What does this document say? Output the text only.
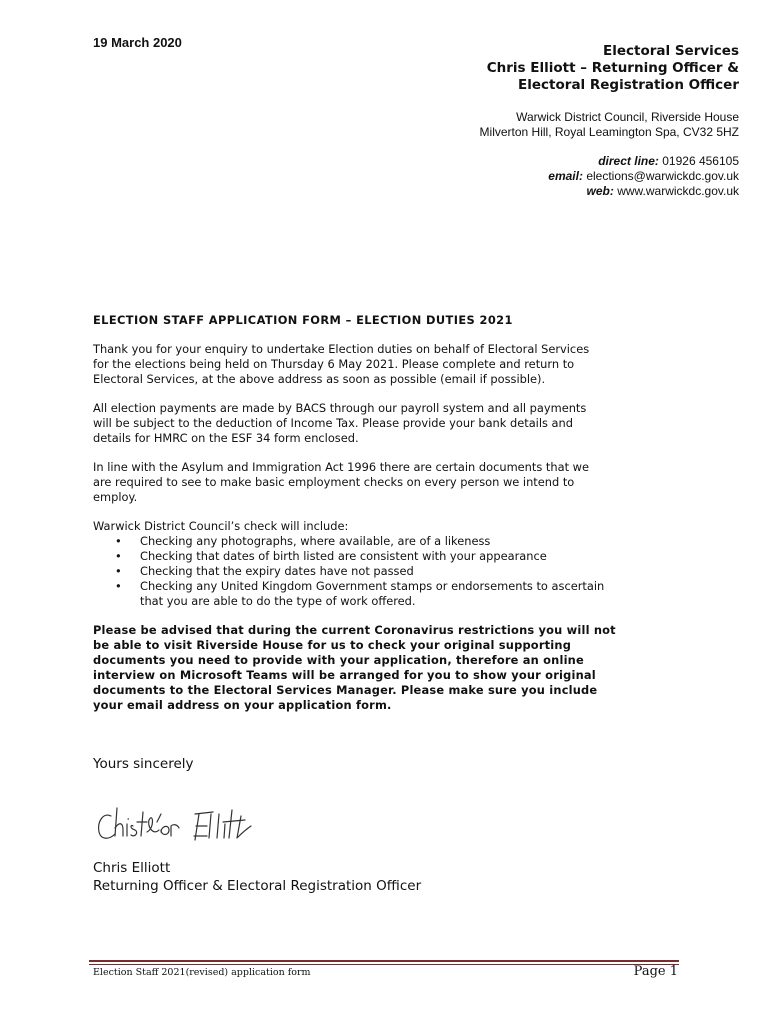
19 March 2020
Electoral Services
Chris Elliott – Returning Officer &
Electoral Registration Officer
Warwick District Council, Riverside House
Milverton Hill, Royal Leamington Spa, CV32 5HZ
direct line: 01926 456105
email: elections@warwickdc.gov.uk
web: www.warwickdc.gov.uk
ELECTION STAFF APPLICATION FORM – ELECTION DUTIES 2021
Thank you for your enquiry to undertake Election duties on behalf of Electoral Services
for the elections being held on Thursday 6 May 2021. Please complete and return to
Electoral Services, at the above address as soon as possible (email if possible).
All election payments are made by BACS through our payroll system and all payments
will be subject to the deduction of Income Tax. Please provide your bank details and
details for HMRC on the ESF 34 form enclosed.
In line with the Asylum and Immigration Act 1996 there are certain documents that we
are required to see to make basic employment checks on every person we intend to
employ.
Warwick District Council’s check will include:
• Checking any photographs, where available, are of a likeness
• Checking that dates of birth listed are consistent with your appearance
• Checking that the expiry dates have not passed
• Checking any United Kingdom Government stamps or endorsements to ascertain
that you are able to do the type of work offered.
Please be advised that during the current Coronavirus restrictions you will not
be able to visit Riverside House for us to check your original supporting
documents you need to provide with your application, therefore an online
interview on Microsoft Teams will be arranged for you to show your original
documents to the Electoral Services Manager. Please make sure you include
your email address on your application form.
Yours sincerely
Chris Elliott
Returning Officer & Electoral Registration Officer
Election Staff 2021(revised) application form	Page 1
